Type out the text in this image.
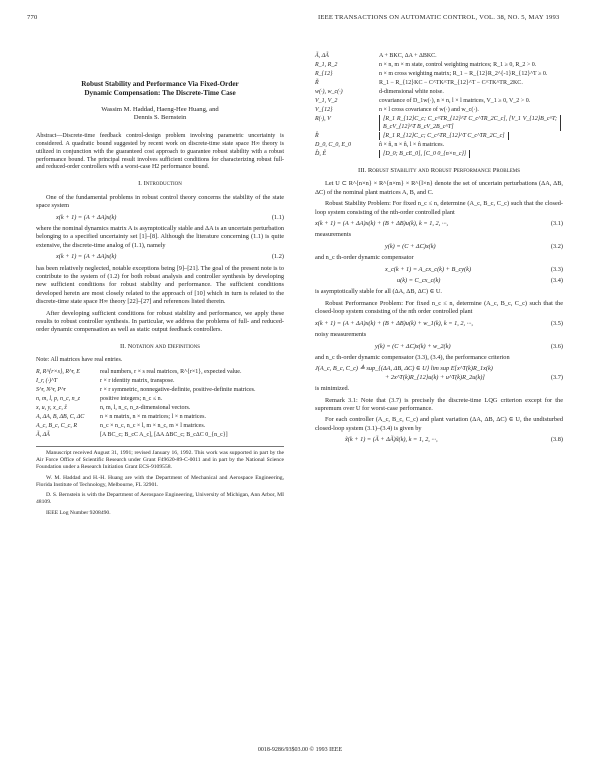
770	IEEE TRANSACTIONS ON AUTOMATIC CONTROL, VOL. 38, NO. 5, MAY 1993
Robust Stability and Performance Via Fixed-Order
Dynamic Compensation: The Discrete-Time Case
Wassim M. Haddad, Haeng-Hee Huang, and
Dennis S. Bernstein
Abstract—Discrete-time feedback control-design problem involving parametric uncertainty is considered. A quadratic bound suggested by recent work on discrete-time state space H∞ theory is utilized in conjunction with the guaranteed cost approach to guarantee robust stability with a robust performance bound. The principal result involves sufficient conditions for characterizing robust full- and reduced-order controllers with a worst-case H2 performance bound.
I. Introduction
One of the fundamental problems in robust control theory concerns the stability of the state space system
x(k + 1) = (A + ΔA)x(k)	(1.1)
where the nominal dynamics matrix A is asymptotically stable and ΔA is an uncertain perturbation belonging to a specified uncertainty set [1]–[8]. Although the literature concerning (1.1) is quite extensive, the discrete-time analog of (1.1), namely
x(k + 1) = (A + ΔA)x(k)	(1.2)
has been relatively neglected, notable exceptions being [9]–[21]. The goal of the present note is to contribute to the system of (1.2) for both robust analysis and controller synthesis by developing new sufficient conditions for robust stability and performance. The sufficient conditions developed herein are most closely related to the approach of [10] which in turn is related to the discrete-time state space H∞ theory [22]–[27] and references listed therein.
After developing sufficient conditions for robust stability and performance, we apply these results to robust controller synthesis. In particular, we address the problems of full- and reduced-order dynamic compensation as well as static output feedback controllers.
II. Notation and Definitions
Note: All matrices have real entries.
R, R^{r×s}, R^r, E	real numbers, r × s real matrices, R^{r×1}, expected value.
I_r, (·)^T	r × r identity matrix, transpose.
S^r, N^r, P^r	r × r symmetric, nonnegative-definite, positive-definite matrices.
n, m, l, p, n_c, n_z	positive integers; n_c ≤ n.
x, u, y, x_c, ẑ	n, m, l, n_c, n_z-dimensional vectors.
A, ΔA, B, ΔB, C, ΔC	n × n matrix, n × m matrices; l × n matrices.
A_c, B_c, C_c, R	n_c × n_c, n_c × l, m × n_c, m × l matrices.
Ã, ΔÃ	[A BC_c; B_cC A_c], [ΔA ΔBC_c; B_cΔC 0_{n_c}]
Manuscript received August 31, 1991; revised January 16, 1992. This work was supported in part by the Air Force Office of Scientific Research under Grant F49620-89-C-0011 and in part by the National Science Foundation under a Research Initiation Grant ECS-9109558.
W. M. Haddad and H.-H. Huang are with the Department of Mechanical and Aerospace Engineering, Florida Institute of Technology, Melbourne, FL 32901.
D. S. Bernstein is with the Department of Aerospace Engineering, University of Michigan, Ann Arbor, MI 48109.
IEEE Log Number 9208490.
Ã, ΔÃ	A + BKC, ΔA + ΔBKC.
R_1, R_2	n × n, m × m state, control weighting matrices; R_1 ≥ 0, R_2 > 0.
R_{12}	n × m cross weighting matrix; R_1 − R_{12}R_2^{-1}R_{12}^T ≥ 0.
R̃	R_1 − R_{12}KC − C^TK^TR_{12}^T − C^TK^TR_2KC.
w(·), w_c(·)	d-dimensional white noise.
V_1, V_2	covariance of D_1w(·), n × n, l × l matrices, V_1 ≥ 0, V_2 > 0.
V_{12}	n × l cross covariance of w(·) and w_c(·).
R(·), V	[R_1 R_{12}C_c; C_c^TR_{12}^T C_c^TR_2C_c], [V_1 V_{12}B_c^T; B_cV_{12}^T B_cV_2B_c^T]
R̂	[R_1 R_{12}C_c; C_c^TR_{12}^T C_c^TR_2C_c]
D_0, C_0, E_0	n̂ × n̂, n × n̂, l × n̂ matrices.
D̂, Ê	[D_0; B_cE_0], [C_0 0_{n×n_c}]
III. Robust Stability and Robust Performance Problems
Let U ⊂ R^{n×n} × R^{n×m} × R^{l×n} denote the set of uncertain perturbations (ΔA, ΔB, ΔC) of the nominal plant matrices A, B, and C.
Robust Stability Problem: For fixed n_c ≤ n, determine (A_c, B_c, C_c) such that the closed-loop system consisting of the nth-order controlled plant
x(k + 1) = (A + ΔA)x(k) + (B + ΔB)u(k), k = 1, 2, ···,	(3.1)
measurements
y(k) = (C + ΔC)x(k)	(3.2)
and n_c th-order dynamic compensator
x_c(k + 1) = A_cx_c(k) + B_cy(k)	(3.3)
u(k) = C_cx_c(k)	(3.4)
is asymptotically stable for all (ΔA, ΔB, ΔC) ∈ U.
Robust Performance Problem: For fixed n_c ≤ n, determine (A_c, B_c, C_c) such that the closed-loop system consisting of the nth order controlled plant
x(k + 1) = (A + ΔA)x(k) + (B + ΔB)u(k) + w_1(k), k = 1, 2, ···,	(3.5)
noisy measurements
y(k) = (C + ΔC)x(k) + w_2(k)	(3.6)
and n_c th-order dynamic compensator (3.3), (3.4), the performance criterion
J(A_c, B_c, C_c) ≜ sup_{(ΔA, ΔB, ΔC) ∈ U} lim sup E[x^T(k)R_1x(k)
+ 2x^T(k)R_{12}u(k) + u^T(k)R_2u(k)]	(3.7)
is minimized.
Remark 3.1: Note that (3.7) is precisely the discrete-time LQG criterion except for the supremum over U for worst-case performance.
For each controller (A_c, B_c, C_c) and plant variation (ΔA, ΔB, ΔC) ∈ U, the undisturbed closed-loop system (3.1)–(3.4) is given by
x̃(k + 1) = (Ã + ΔÃ)x̃(k), k = 1, 2, ···,	(3.8)
0018-9286/93$03.00 © 1993 IEEE
